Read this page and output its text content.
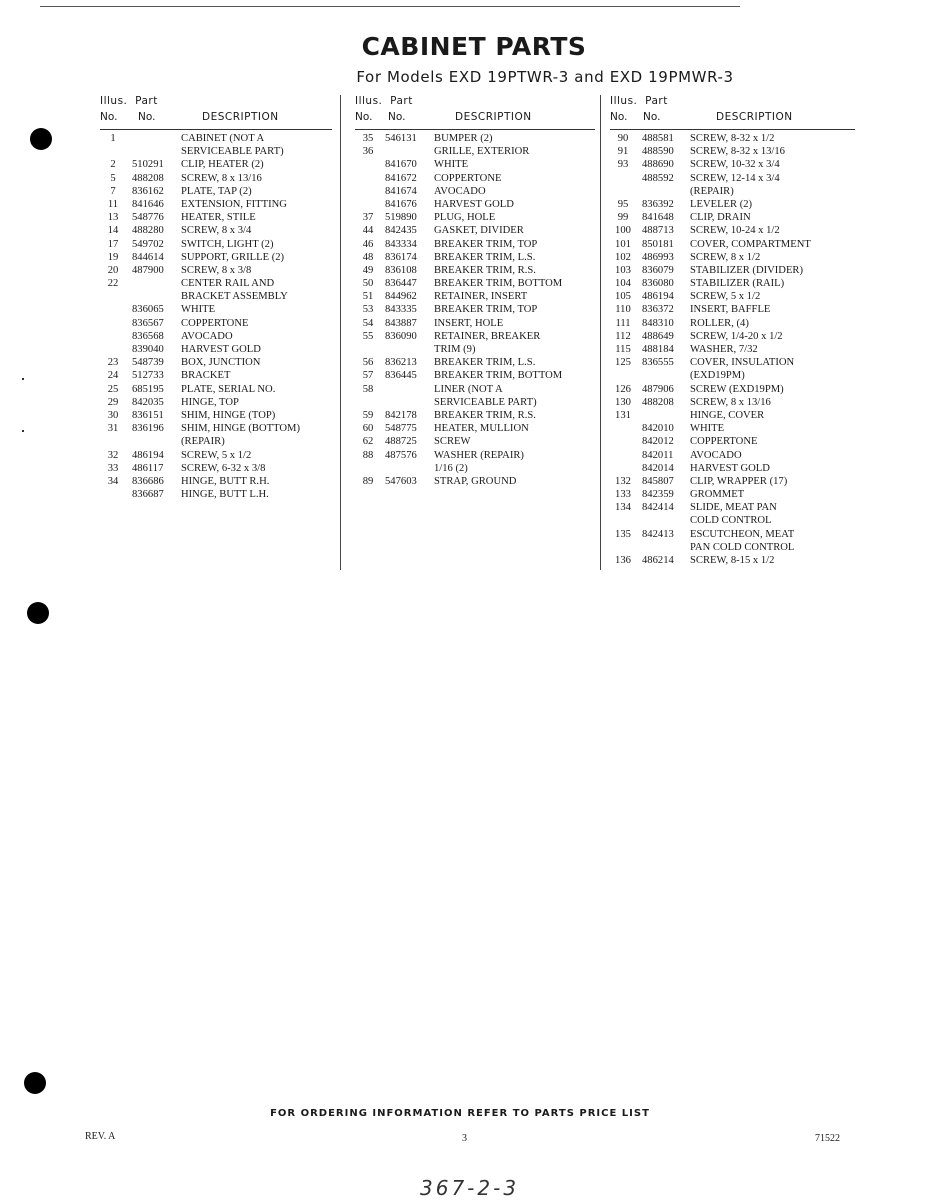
CABINET PARTS
For Models EXD 19PTWR-3 and EXD 19PMWR-3
Illus. Part
No. No.	DESCRIPTION
1	CABINET (NOT A
SERVICEABLE PART)
2	510291 CLIP, HEATER (2)
5	488208 SCREW, 8 x 13/16
7	836162 PLATE, TAP (2)
11	841646 EXTENSION, FITTING
13	548776 HEATER, STILE
14	488280 SCREW, 8 x 3/4
17	549702 SWITCH, LIGHT (2)
19	844614 SUPPORT, GRILLE (2)
20	487900 SCREW, 8 x 3/8
22	CENTER RAIL AND
BRACKET ASSEMBLY
836065 WHITE
836567 COPPERTONE
836568 AVOCADO
839040 HARVEST GOLD
23	548739 BOX, JUNCTION
24	512733 BRACKET
25	685195 PLATE, SERIAL NO.
29	842035 HINGE, TOP
30	836151 SHIM, HINGE (TOP)
31	836196 SHIM, HINGE (BOTTOM)
(REPAIR)
32	486194 SCREW, 5 x 1/2
33	486117 SCREW, 6-32 x 3/8
34	836686 HINGE, BUTT R.H.
836687 HINGE, BUTT L.H.
Illus. Part
No. No.	DESCRIPTION
35	546131 BUMPER (2)
36	GRILLE, EXTERIOR
841670 WHITE
841672 COPPERTONE
841674 AVOCADO
841676 HARVEST GOLD
37	519890 PLUG, HOLE
44	842435 GASKET, DIVIDER
46	843334 BREAKER TRIM, TOP
48	836174 BREAKER TRIM, L.S.
49	836108 BREAKER TRIM, R.S.
50	836447 BREAKER TRIM, BOTTOM
51	844962 RETAINER, INSERT
53	843335 BREAKER TRIM, TOP
54	843887 INSERT, HOLE
55	836090 RETAINER, BREAKER
TRIM (9)
56	836213 BREAKER TRIM, L.S.
57	836445 BREAKER TRIM, BOTTOM
58	LINER (NOT A
SERVICEABLE PART)
59	842178 BREAKER TRIM, R.S.
60	548775 HEATER, MULLION
62	488725 SCREW
88	487576 WASHER (REPAIR)
1/16 (2)
89	547603 STRAP, GROUND
Illus. Part
No. No.	DESCRIPTION
90	488581 SCREW, 8-32 x 1/2
91	488590 SCREW, 8-32 x 13/16
93	488690 SCREW, 10-32 x 3/4
488592 SCREW, 12-14 x 3/4
(REPAIR)
95	836392 LEVELER (2)
99	841648 CLIP, DRAIN
100 488713 SCREW, 10-24 x 1/2
101 850181 COVER, COMPARTMENT
102 486993 SCREW, 8 x 1/2
103 836079 STABILIZER (DIVIDER)
104 836080 STABILIZER (RAIL)
105 486194 SCREW, 5 x 1/2
110	836372 INSERT, BAFFLE
111	848310 ROLLER, (4)
112	488649 SCREW, 1/4-20 x 1/2
115	488184 WASHER, 7/32
125 836555 COVER, INSULATION
(EXD19PM)
126 487906 SCREW (EXD19PM)
130 488208 SCREW, 8 x 13/16
131	HINGE, COVER
842010 WHITE
842012 COPPERTONE
842011 AVOCADO
842014 HARVEST GOLD
132 845807 CLIP, WRAPPER (17)
133 842359 GROMMET
134 842414 SLIDE, MEAT PAN
COLD CONTROL
135 842413 ESCUTCHEON, MEAT
PAN COLD CONTROL
136 486214 SCREW, 8-15 x 1/2
FOR ORDERING INFORMATION REFER TO PARTS PRICE LIST
REV. A	3	71522
367-2-3
